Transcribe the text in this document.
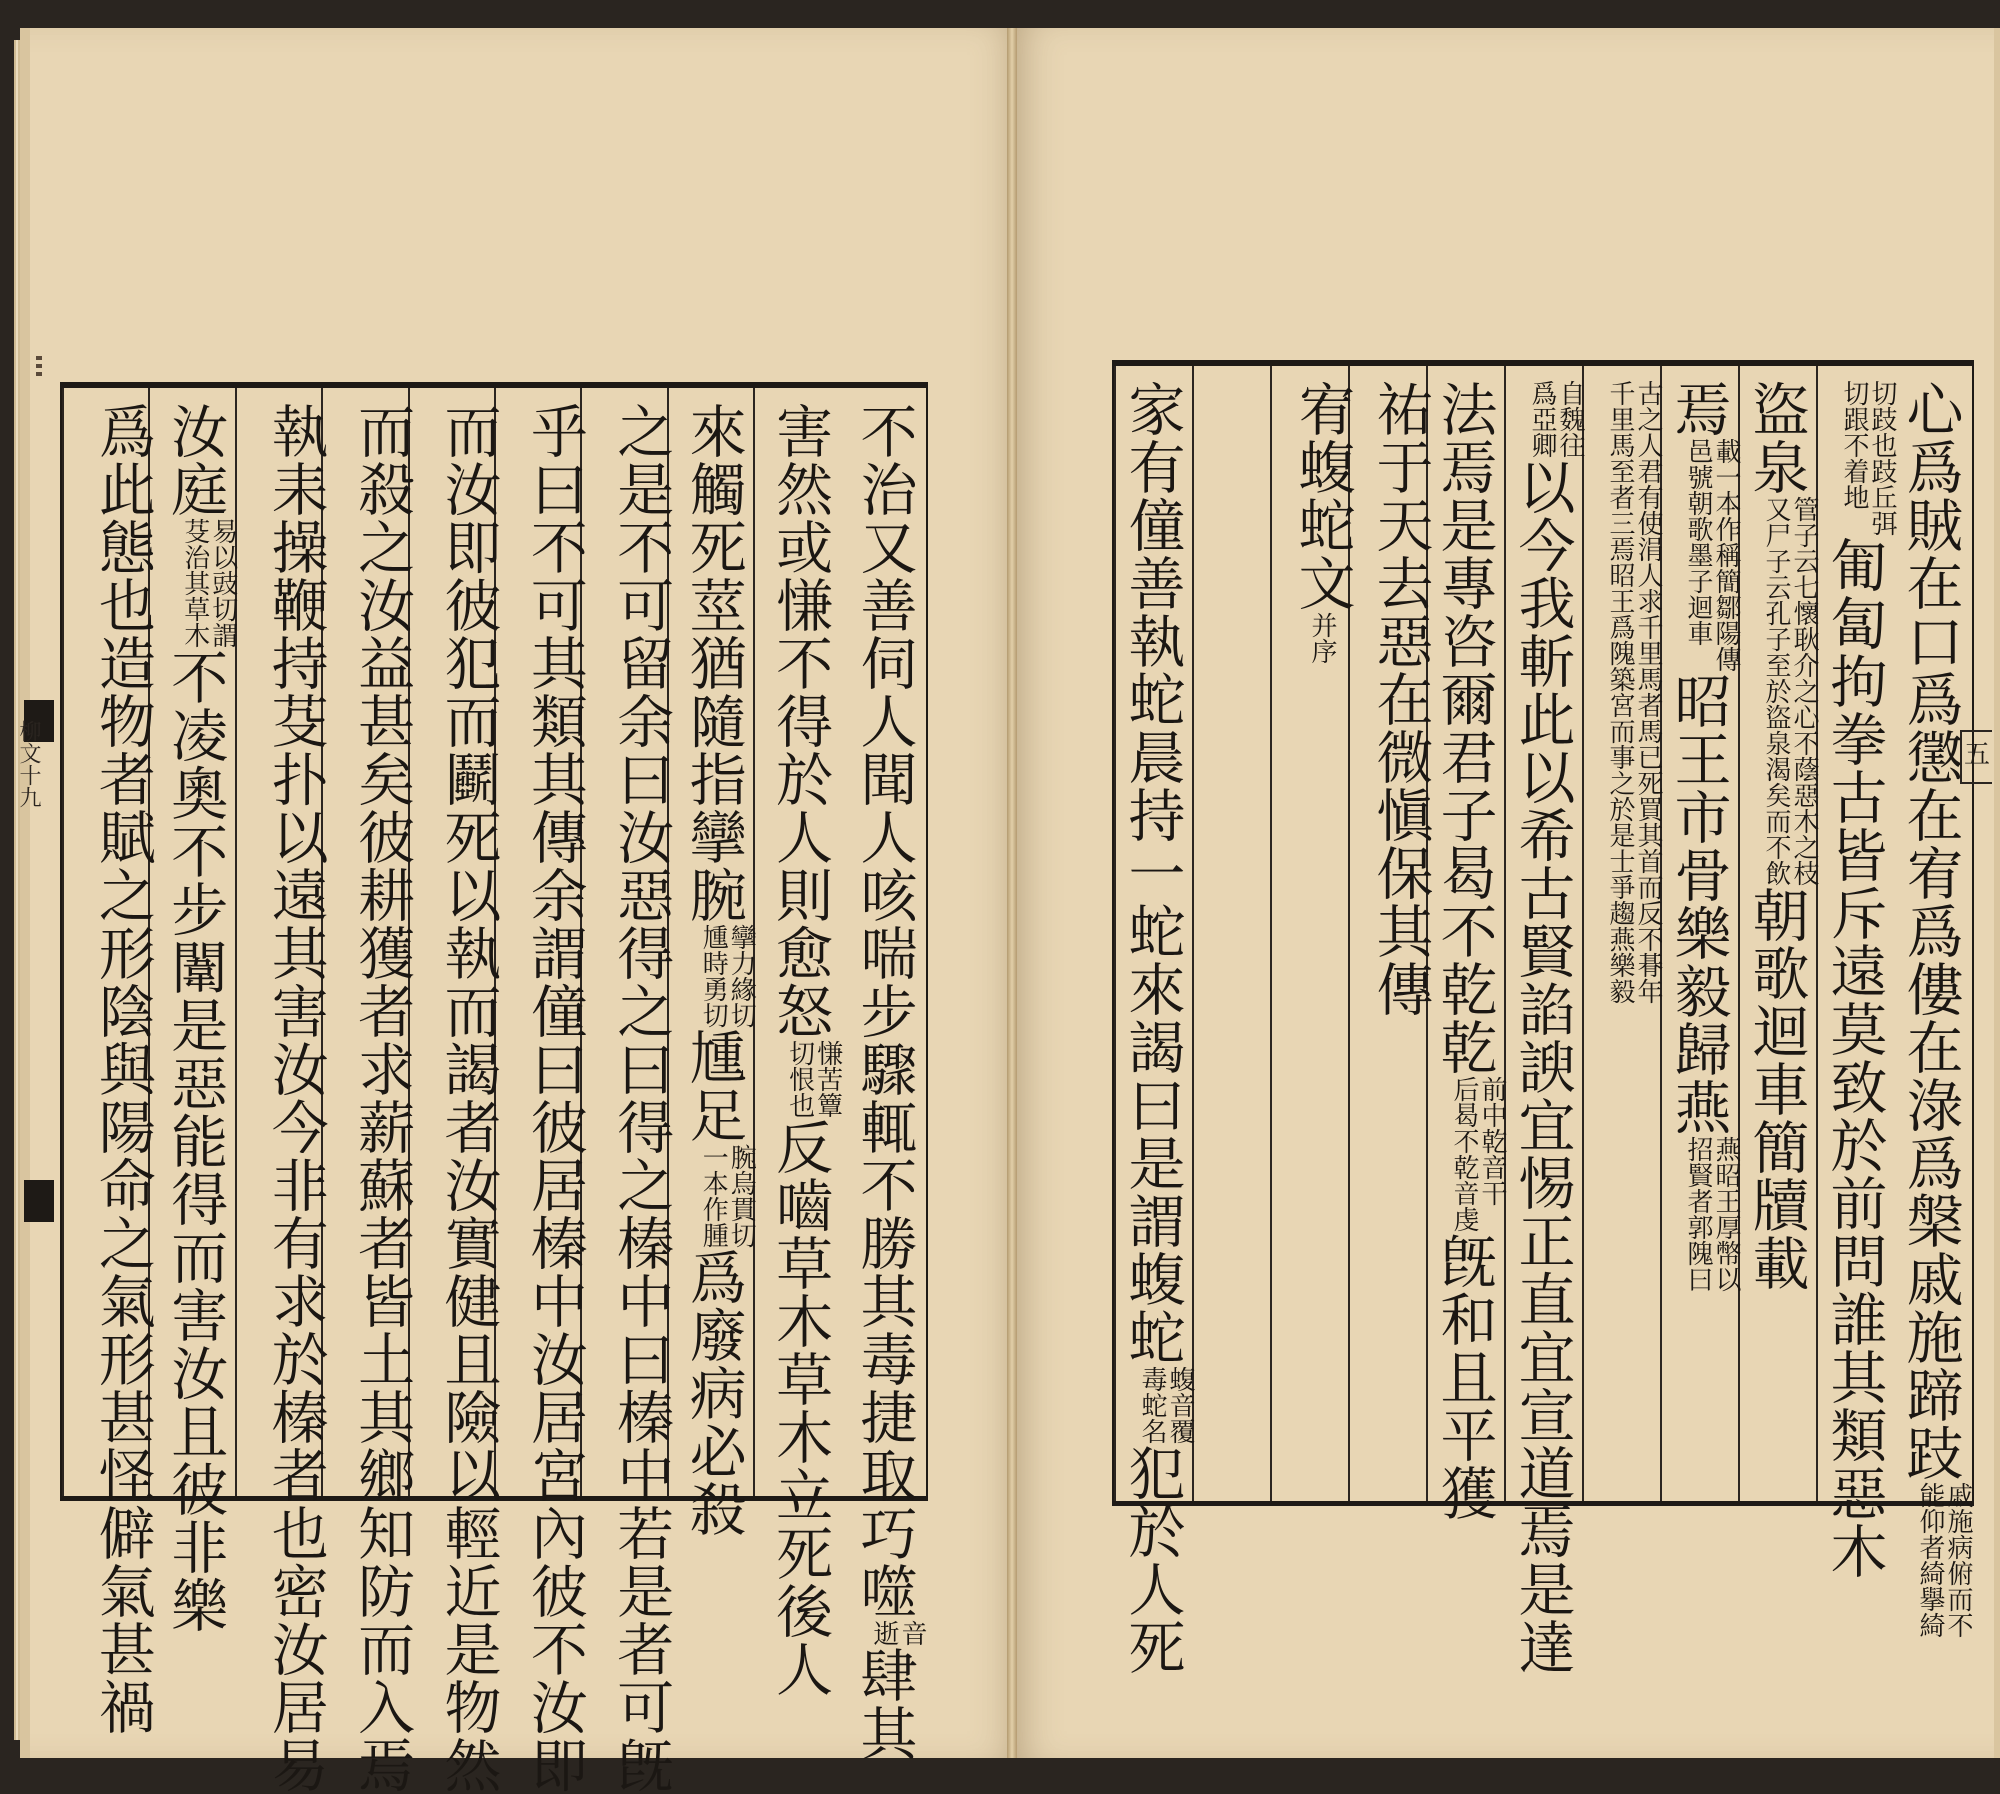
柳文十九	不治又善伺人聞人咳喘步驟輒不勝其毒捷取巧噬
音
逝
肆其
害然或慊不得於人則愈怒
慊苦簟
切恨也
反嚙草木草木立死後人
來觸死莖猶隨指攣腕
攣力緣切
尰時勇切
尰足
腕烏貫切
一本作腫
爲廢病必殺
之是不可留余曰汝惡得之曰得之榛中曰榛中若是者可旣
乎曰不可其類其傳余謂僮曰彼居榛中汝居宮內彼不汝即
而汝即彼犯而鬬死以執而謁者汝實健且險以輕近是物然
而殺之汝益甚矣彼耕獲者求薪蘇者皆土其鄉知防而入焉
執耒操鞭持芟扑以遠其害汝今非有求於榛者也密汝居易
汝庭
易以豉切謂
芟治其草木
不凌奧不步闈是惡能得而害汝且彼非樂
爲此態也造物者賦之形陰與陽命之氣形甚怪僻氣甚禍	心爲賊在口爲懲在宥爲僂在淥爲槃戚施蹄跂
戚施病俯而不
能仰者綺擧綺
切跂也跂丘弭
切跟不着地
匍匐拘拳古皆斥遠莫致於前問誰其類惡木
盜泉
管子云七懷耿介之心不蔭惡木之枝
又尸子云孔子至於盜泉渴矣而不飲
朝歌迴車簡牘載
焉
載一本作稱簡鄒陽傳
邑號朝歌墨子迴車
昭王市骨樂毅歸燕
燕昭王厚幣以
招賢者郭隗曰
古之人君有使涓人求千里馬者馬已死買其首而反不朞年
千里馬至者三焉昭王爲隗築宮而事之於是士爭趨燕樂毅
自魏往
爲亞卿
以今我斬此以希古賢諂諛宜惕正直宜宣道焉是達
法焉是專咨爾君子曷不乾乾
前中乾音干
后曷不乾音虔
旣和且平獲
祐于天去惡在微愼保其傳
宥蝮蛇文
并序
家有僮善執蛇晨持一蛇來謁曰是謂蝮蛇
蝮音覆
毒蛇名
犯於人死
五
